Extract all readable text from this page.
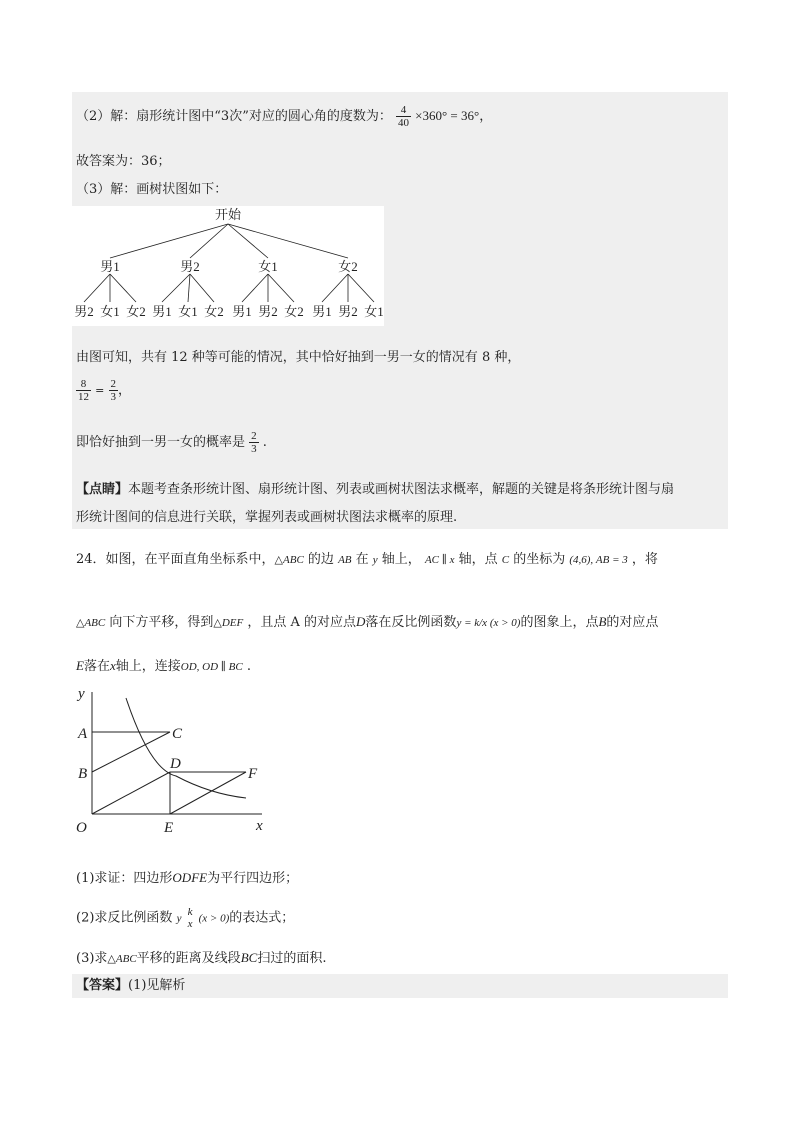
（2）解：扇形统计图中“3次”对应的圆心角的度数为： $\frac{4}{40} \times 360^\circ = 36^\circ$，
故答案为：36；
（3）解：画树状图如下：
开始
男1	男2	女1	女2
男2 女1 女2 男1 女1 女2 男1 男2 女2 男1 男2 女1
由图可知，共有 12 种等可能的情况，其中恰好抽到一男一女的情况有 8 种，
$\frac{8}{12} = \frac{2}{3}$ ，
即恰好抽到一男一女的概率是 $\frac{2}{3}$ .
【点睛】本题考查条形统计图、扇形统计图、列表或画树状图法求概率，解题的关键是将条形统计图与扇
形统计图间的信息进行关联，掌握列表或画树状图法求概率的原理.
24．如图，在平面直角坐标系中，△ABC 的边 AB 在 y 轴上， AC ∥ x 轴，点 C 的坐标为 (4,6), AB = 3 ，将
△ABC 向下方平移，得到△DEF ，且点 A 的对应点D落在反比例函数y = k/x (x > 0)的图象上，点B的对应点
E落在x轴上，连接OD, OD ∥ BC .
y
x
O
A
B
C
D
E
F
(1)求证：四边形ODFE为平行四边形；
(2)求反比例函数 y
k
x (x > 0)的表达式；
(3)求△ABC平移的距离及线段BC扫过的面积.
【答案】(1)见解析
